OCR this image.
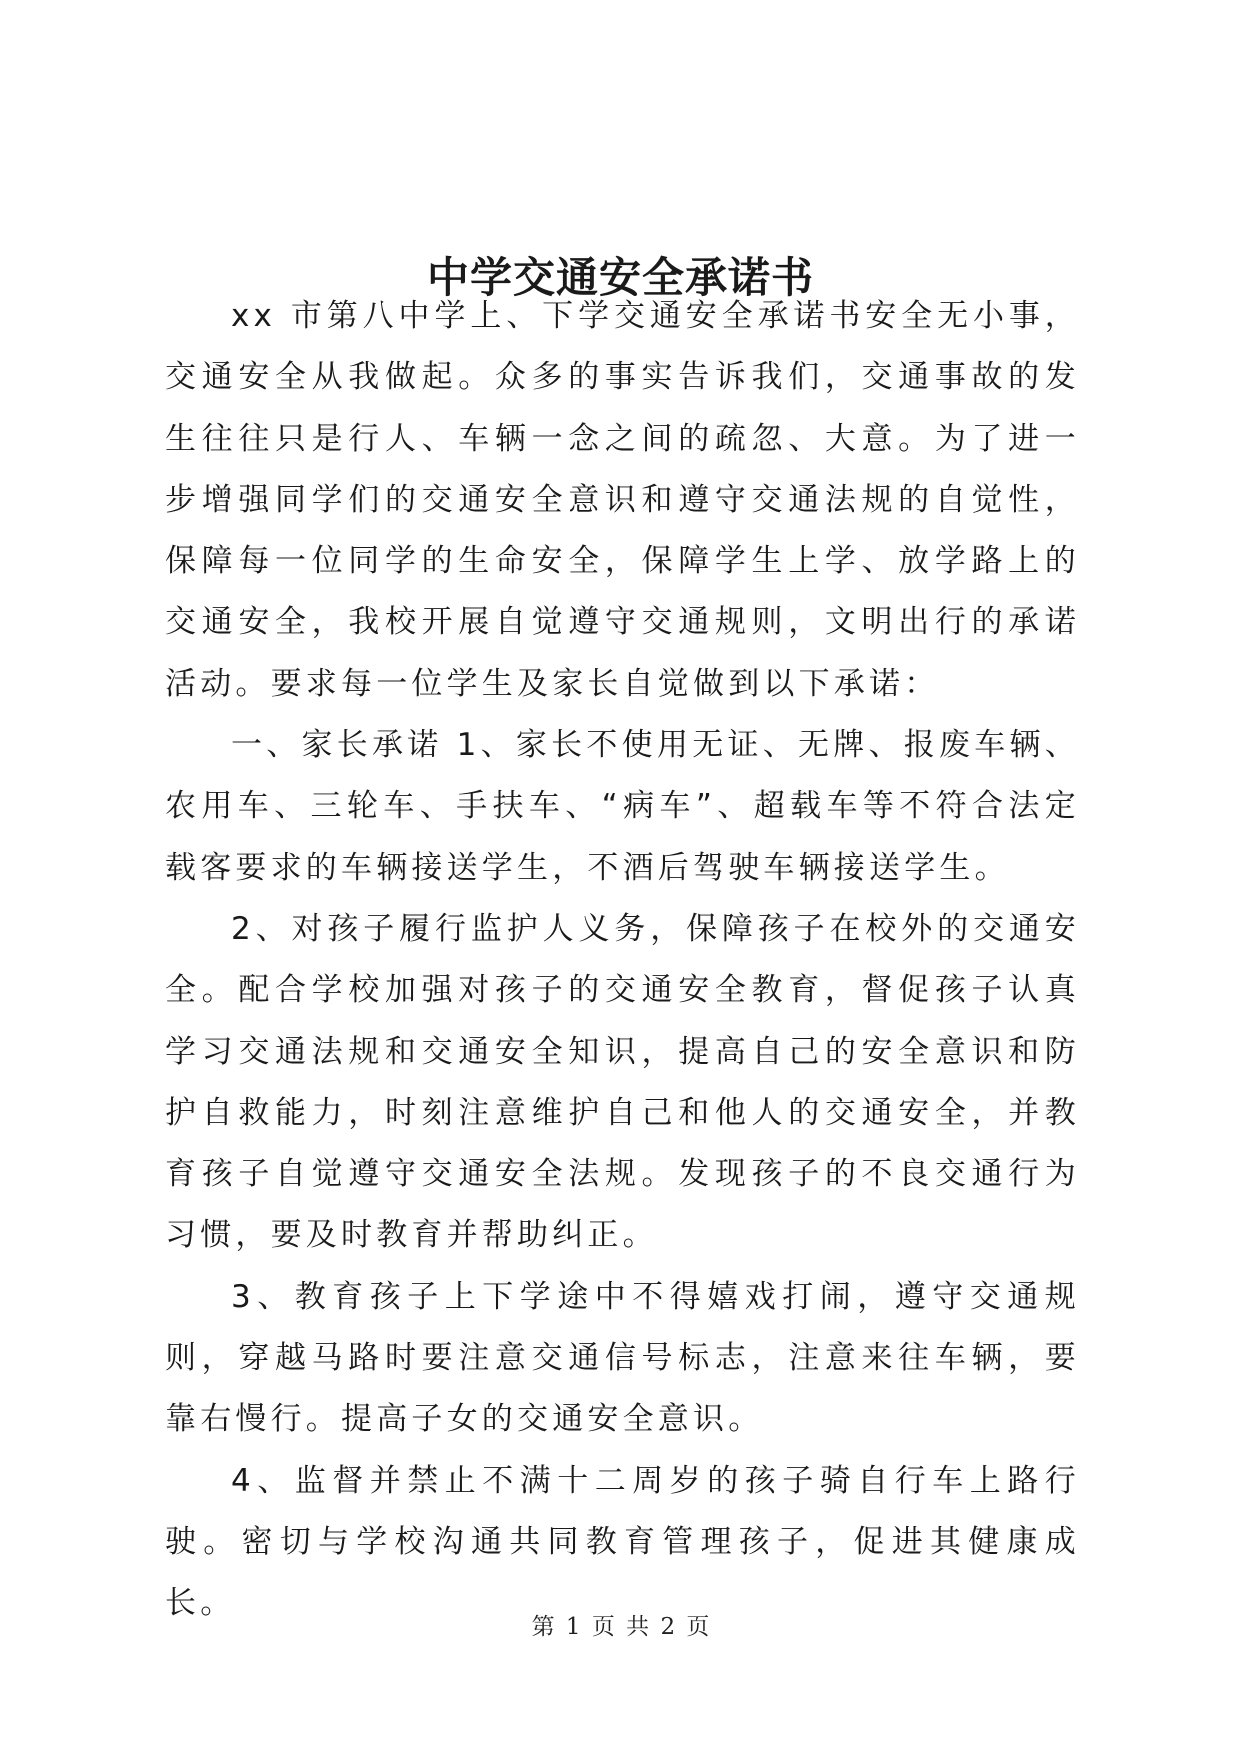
中学交通安全承诺书

xx 市第八中学上、下学交通安全承诺书安全无小事，交通安全从我做起。众多的事实告诉我们，交通事故的发生往往只是行人、车辆一念之间的疏忽、大意。为了进一步增强同学们的交通安全意识和遵守交通法规的自觉性，保障每一位同学的生命安全，保障学生上学、放学路上的交通安全，我校开展自觉遵守交通规则，文明出行的承诺活动。要求每一位学生及家长自觉做到以下承诺：

一、家长承诺 1、家长不使用无证、无牌、报废车辆、农用车、三轮车、手扶车、“病车”、超载车等不符合法定载客要求的车辆接送学生，不酒后驾驶车辆接送学生。

2、对孩子履行监护人义务，保障孩子在校外的交通安全。配合学校加强对孩子的交通安全教育，督促孩子认真学习交通法规和交通安全知识，提高自己的安全意识和防护自救能力，时刻注意维护自己和他人的交通安全，并教育孩子自觉遵守交通安全法规。发现孩子的不良交通行为习惯，要及时教育并帮助纠正。

3、教育孩子上下学途中不得嬉戏打闹，遵守交通规则，穿越马路时要注意交通信号标志，注意来往车辆，要靠右慢行。提高子女的交通安全意识。

4、监督并禁止不满十二周岁的孩子骑自行车上路行驶。密切与学校沟通共同教育管理孩子，促进其健康成长。

第 1 页 共 2 页
